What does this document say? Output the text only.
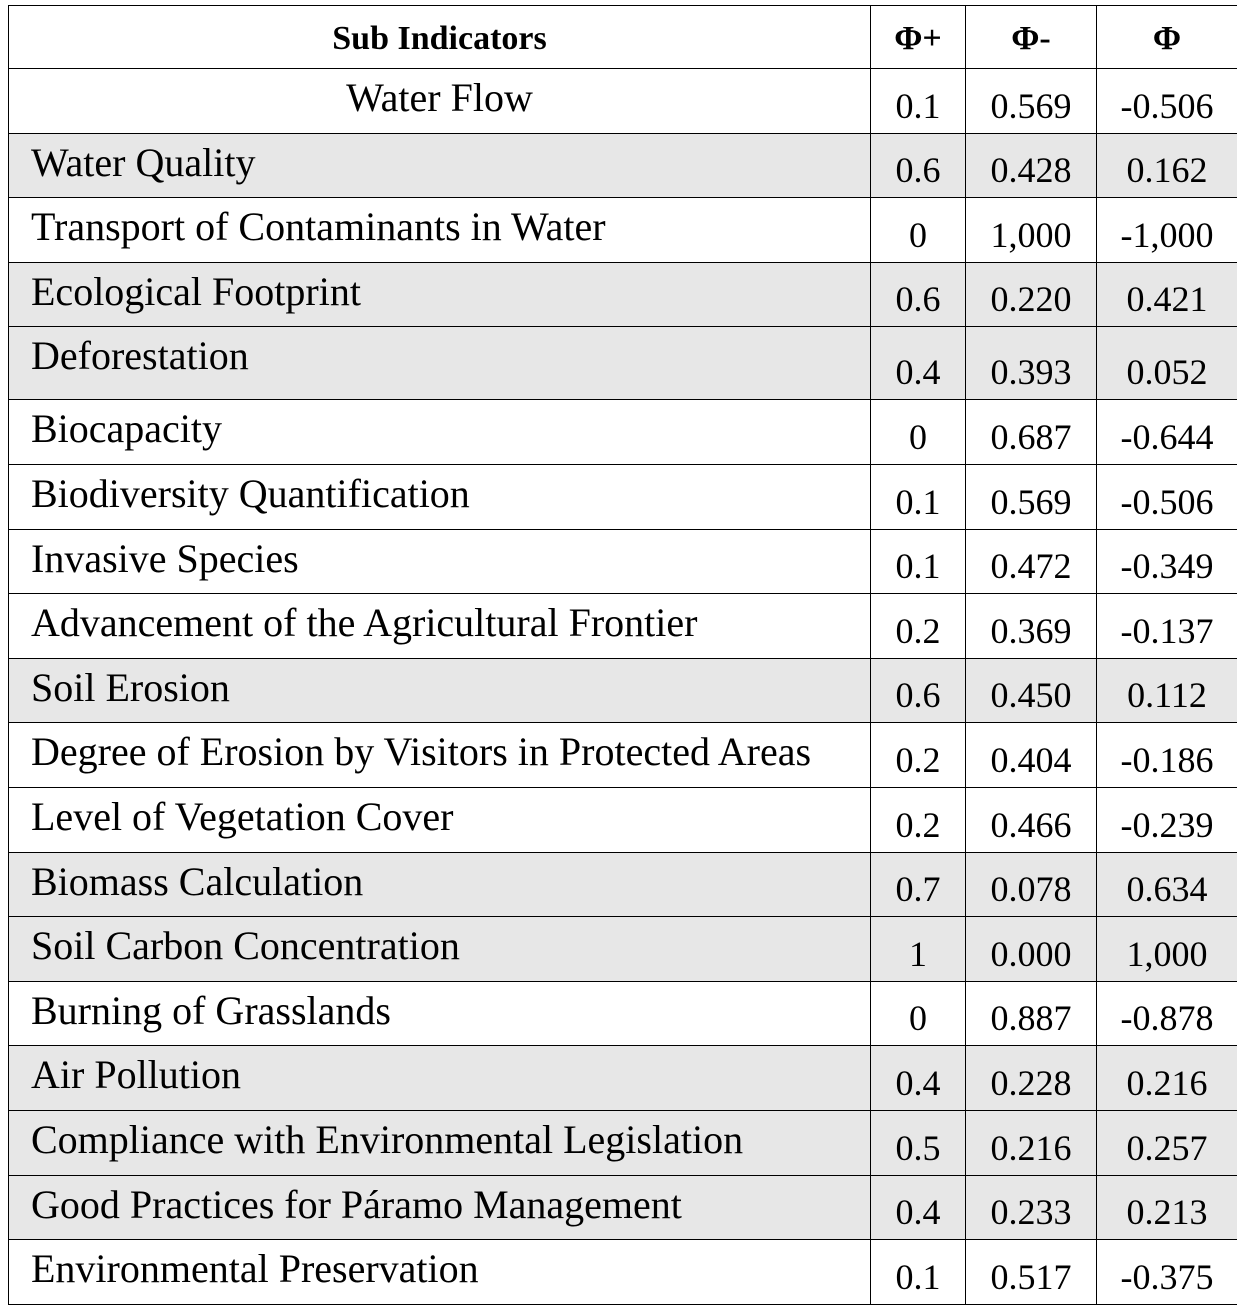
Sub Indicators	Φ+	Φ-	Φ
Water Flow	0.1	0.569	-0.506
Water Quality	0.6	0.428	0.162
Transport of Contaminants in Water	0	1,000	-1,000
Ecological Footprint	0.6	0.220	0.421
Deforestation	0.4	0.393	0.052
Biocapacity	0	0.687	-0.644
Biodiversity Quantification	0.1	0.569	-0.506
Invasive Species	0.1	0.472	-0.349
Advancement of the Agricultural Frontier	0.2	0.369	-0.137
Soil Erosion	0.6	0.450	0.112
Degree of Erosion by Visitors in Protected Areas	0.2	0.404	-0.186
Level of Vegetation Cover	0.2	0.466	-0.239
Biomass Calculation	0.7	0.078	0.634
Soil Carbon Concentration	1	0.000	1,000
Burning of Grasslands	0	0.887	-0.878
Air Pollution	0.4	0.228	0.216
Compliance with Environmental Legislation	0.5	0.216	0.257
Good Practices for Páramo Management	0.4	0.233	0.213
Environmental Preservation	0.1	0.517	-0.375
